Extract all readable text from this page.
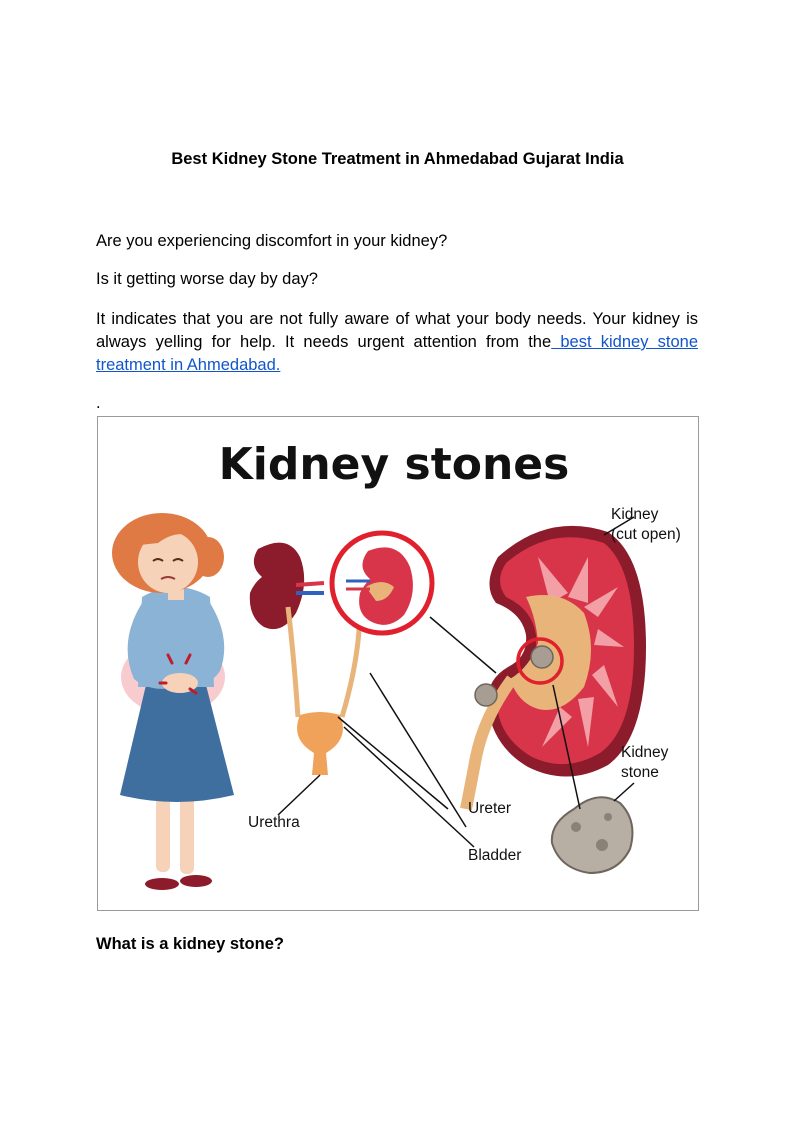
Best Kidney Stone Treatment in Ahmedabad Gujarat India

Are you experiencing discomfort in your kidney?

Is it getting worse day by day?

It indicates that you are not fully aware of what your body needs. Your kidney is always yelling for help. It needs urgent attention from the best kidney stone treatment in Ahmedabad.

.

Kidney stones
Kidney
(cut open)
Kidney
stone
Ureter
Urethra
Bladder
What is a kidney stone?
